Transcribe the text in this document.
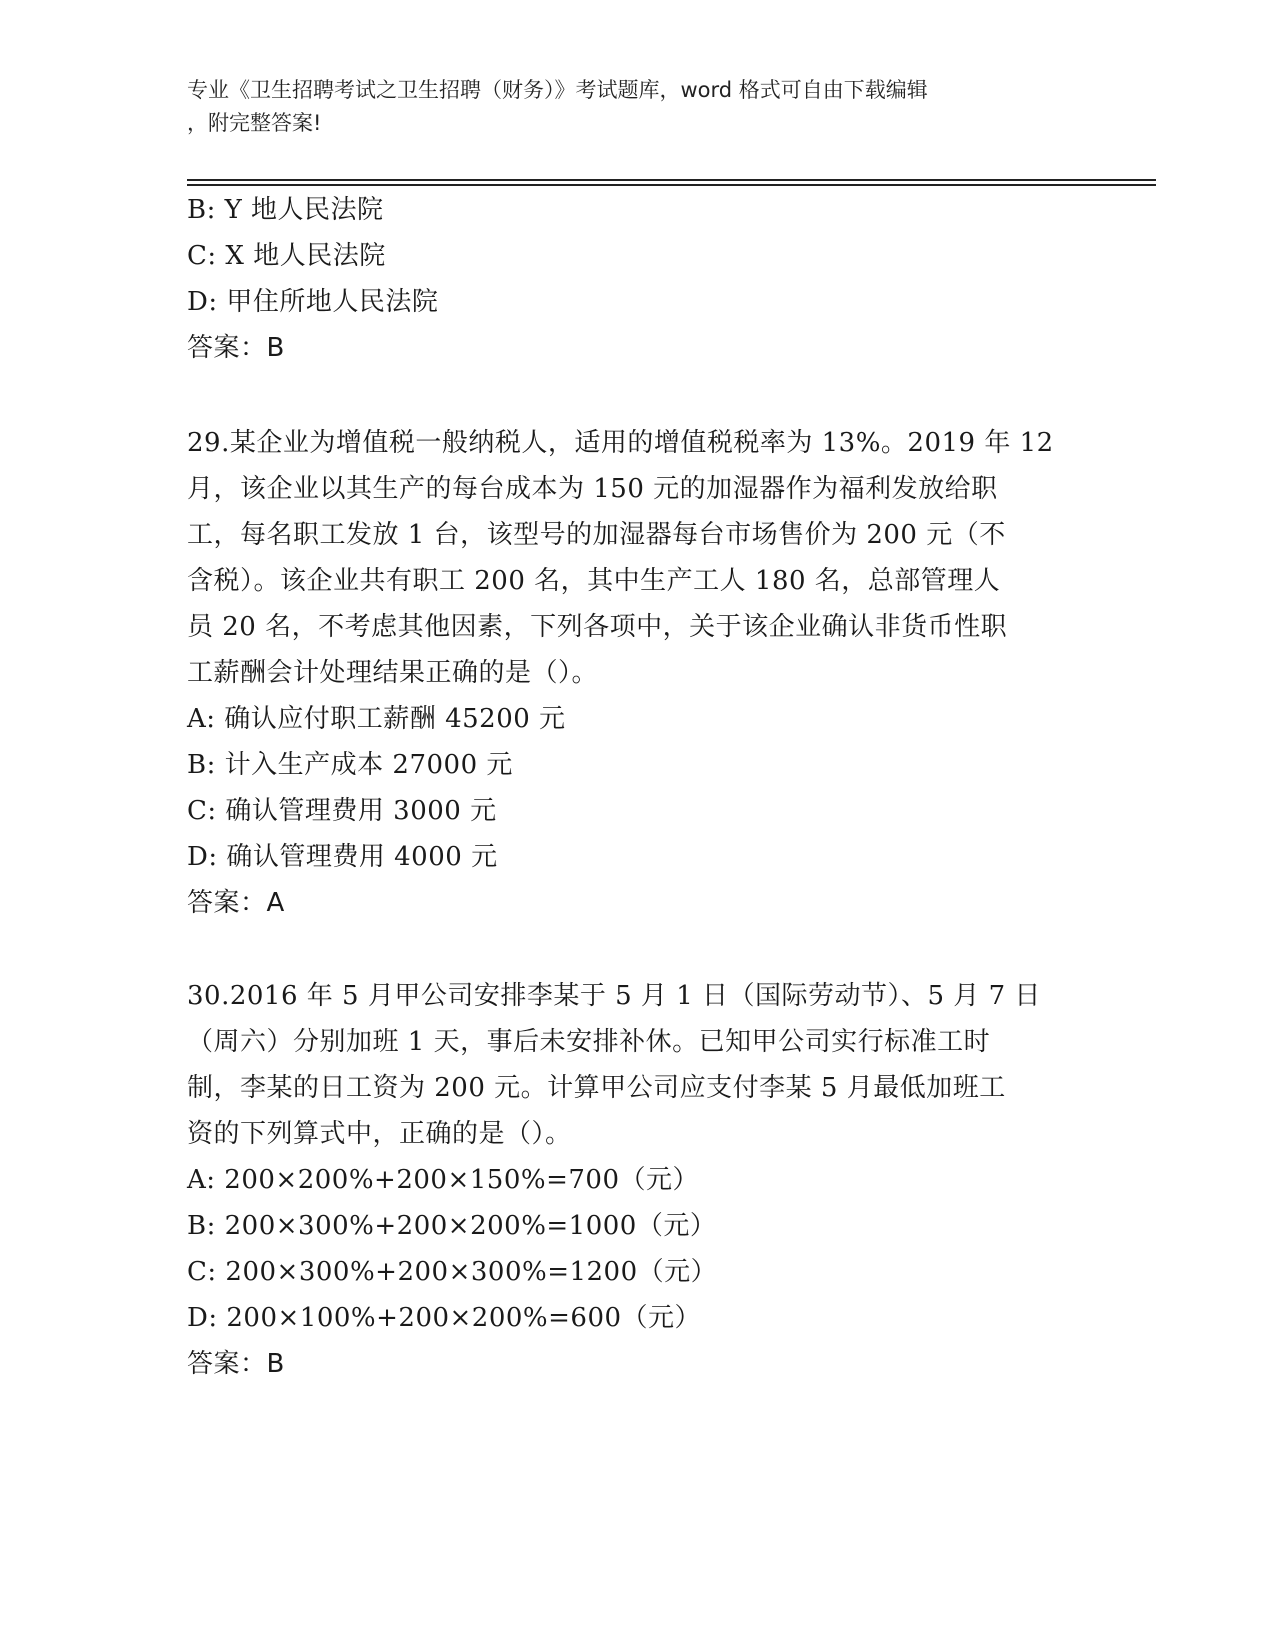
专业《卫生招聘考试之卫生招聘（财务）》考试题库，word 格式可自由下载编辑
，附完整答案!
B: Y 地人民法院
C: X 地人民法院
D: 甲住所地人民法院
答案：B
29.某企业为增值税一般纳税人，适用的增值税税率为 13%。2019 年 12
月，该企业以其生产的每台成本为 150 元的加湿器作为福利发放给职
工，每名职工发放 1 台，该型号的加湿器每台市场售价为 200 元（不
含税）。该企业共有职工 200 名，其中生产工人 180 名，总部管理人
员 20 名，不考虑其他因素，下列各项中，关于该企业确认非货币性职
工薪酬会计处理结果正确的是（）。
A: 确认应付职工薪酬 45200 元
B: 计入生产成本 27000 元
C: 确认管理费用 3000 元
D: 确认管理费用 4000 元
答案：A
30.2016 年 5 月甲公司安排李某于 5 月 1 日（国际劳动节）、5 月 7 日
（周六）分别加班 1 天，事后未安排补休。已知甲公司实行标准工时
制，李某的日工资为 200 元。计算甲公司应支付李某 5 月最低加班工
资的下列算式中，正确的是（）。
A: 200×200%+200×150%=700（元）
B: 200×300%+200×200%=1000（元）
C: 200×300%+200×300%=1200（元）
D: 200×100%+200×200%=600（元）
答案：B
